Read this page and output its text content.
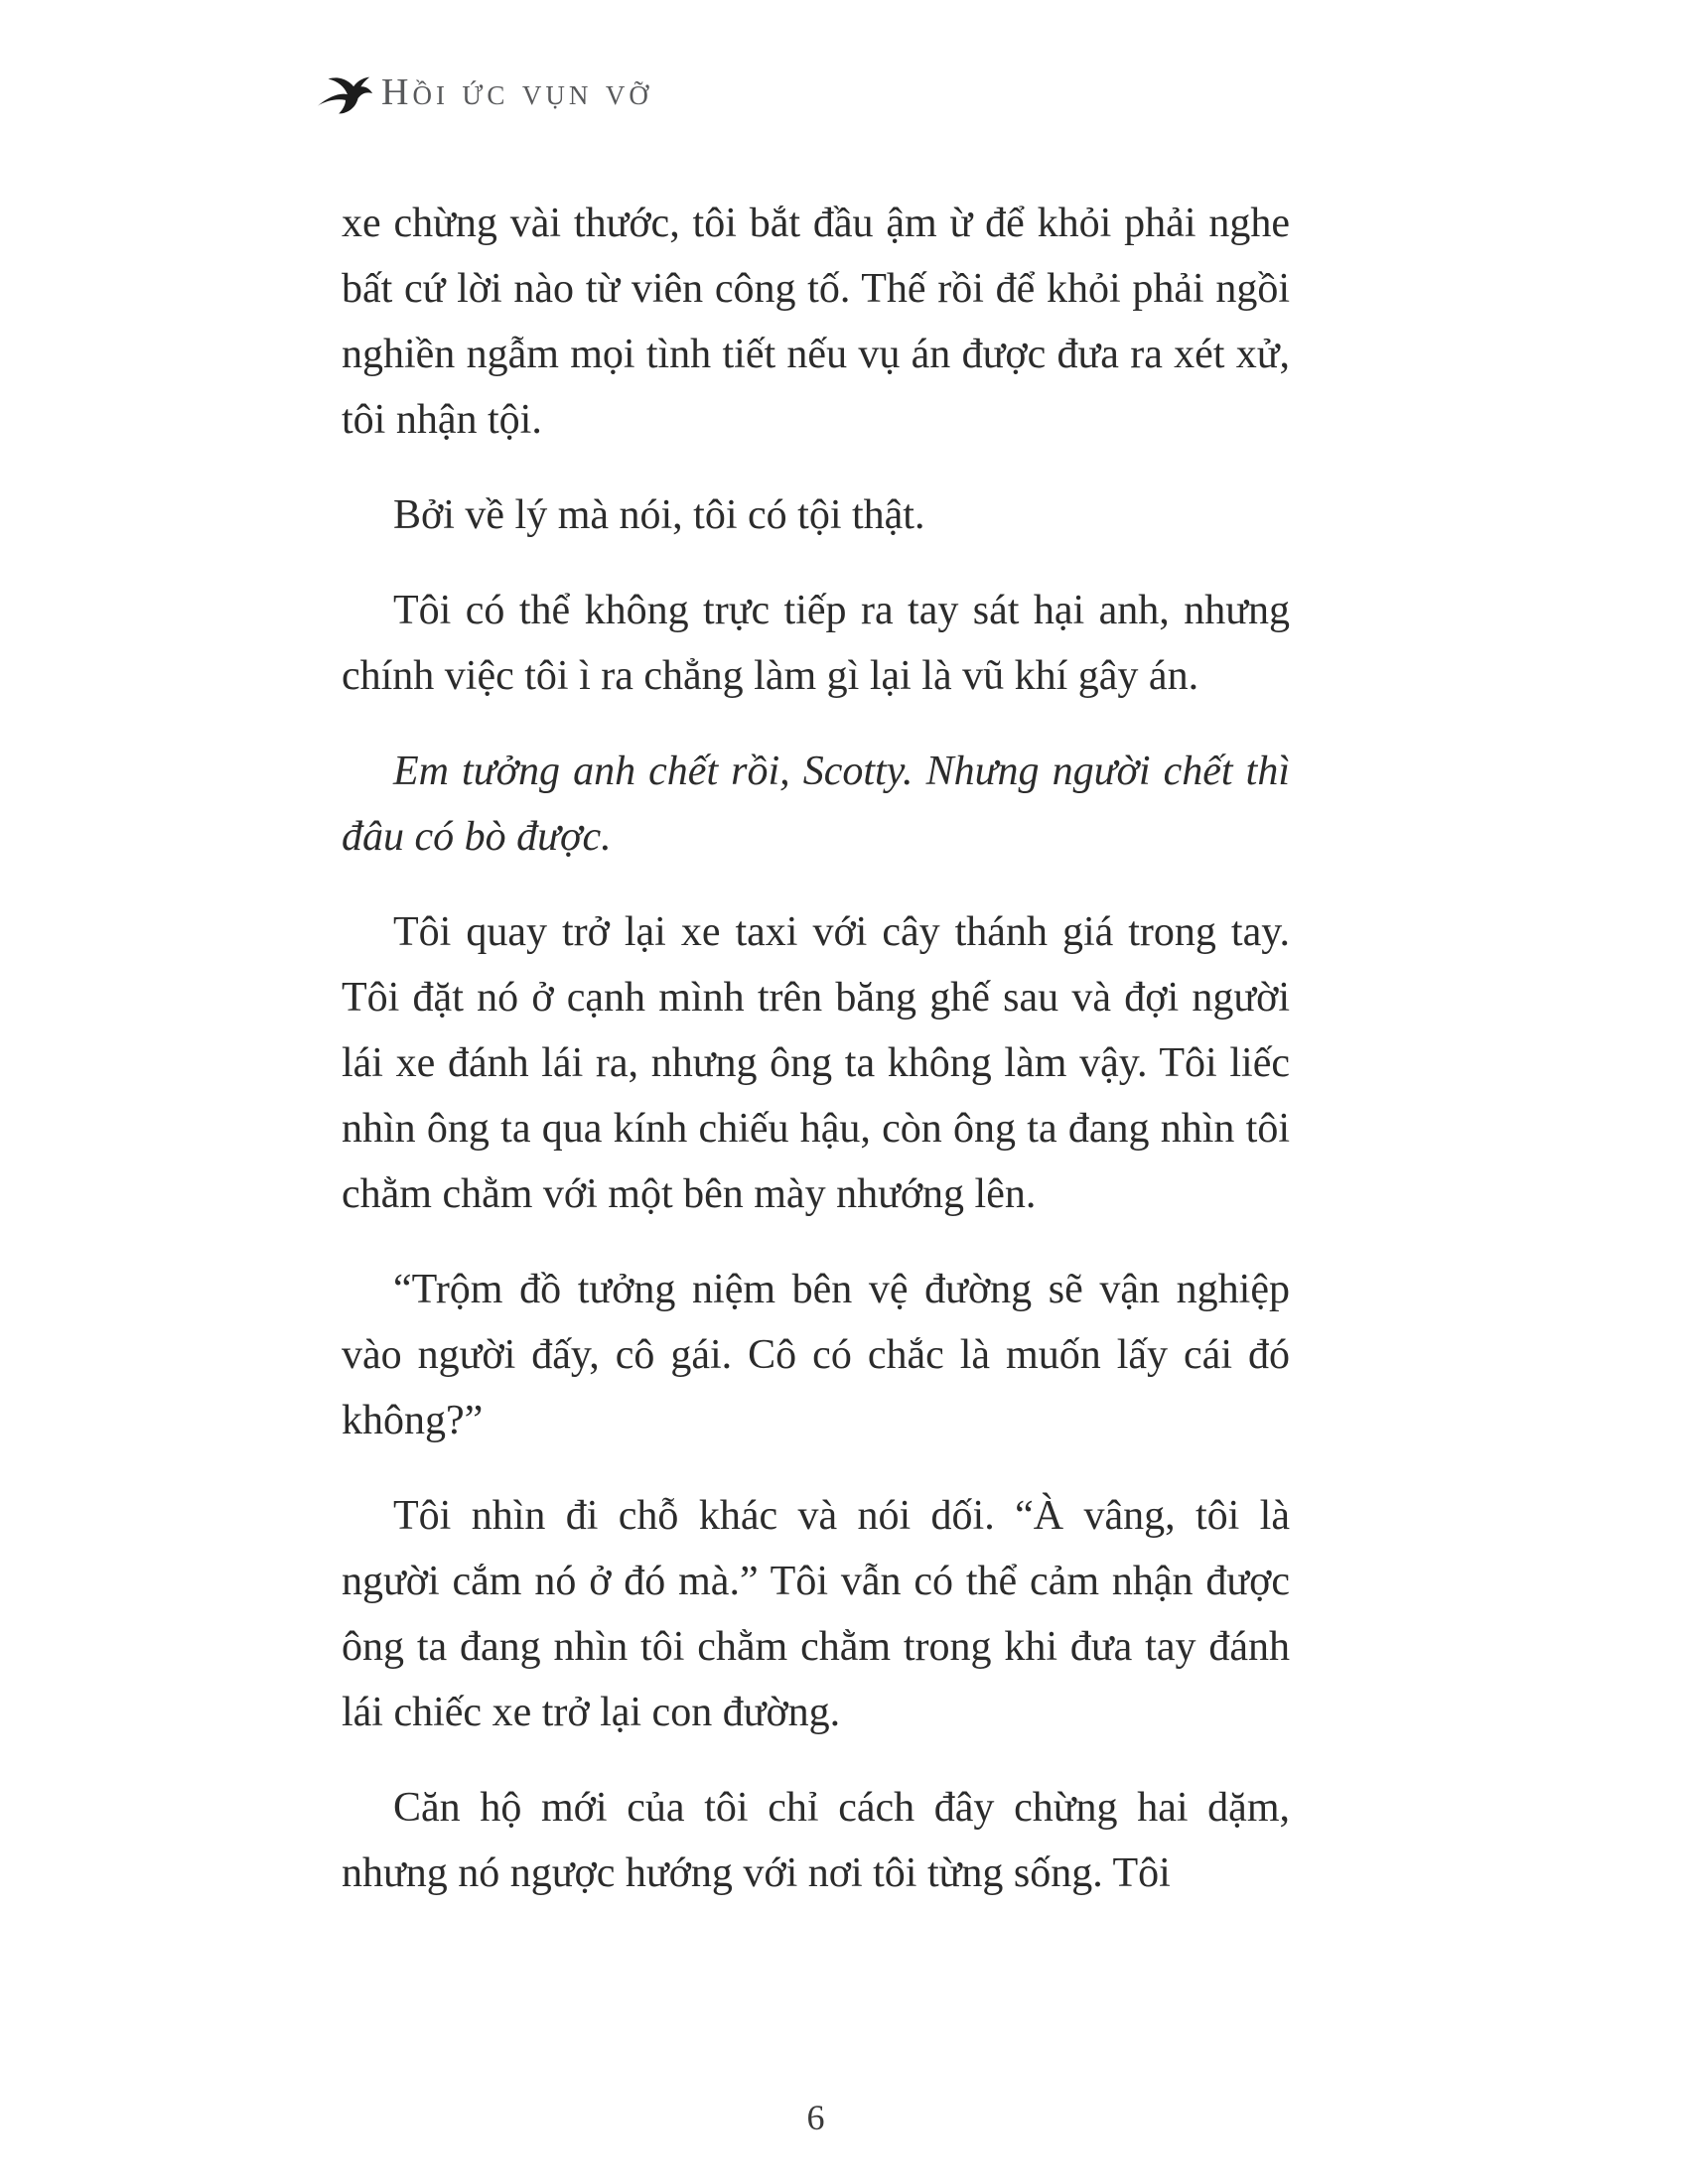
Hồi ức vụn vỡ

xe chừng vài thước, tôi bắt đầu ậm ừ để khỏi phải nghe bất cứ lời nào từ viên công tố. Thế rồi để khỏi phải ngồi nghiền ngẫm mọi tình tiết nếu vụ án được đưa ra xét xử, tôi nhận tội.

Bởi về lý mà nói, tôi có tội thật.

Tôi có thể không trực tiếp ra tay sát hại anh, nhưng chính việc tôi ì ra chẳng làm gì lại là vũ khí gây án.

Em tưởng anh chết rồi, Scotty. Nhưng người chết thì đâu có bò được.

Tôi quay trở lại xe taxi với cây thánh giá trong tay. Tôi đặt nó ở cạnh mình trên băng ghế sau và đợi người lái xe đánh lái ra, nhưng ông ta không làm vậy. Tôi liếc nhìn ông ta qua kính chiếu hậu, còn ông ta đang nhìn tôi chằm chằm với một bên mày nhướng lên.

“Trộm đồ tưởng niệm bên vệ đường sẽ vận nghiệp vào người đấy, cô gái. Cô có chắc là muốn lấy cái đó không?”

Tôi nhìn đi chỗ khác và nói dối. “À vâng, tôi là người cắm nó ở đó mà.” Tôi vẫn có thể cảm nhận được ông ta đang nhìn tôi chằm chằm trong khi đưa tay đánh lái chiếc xe trở lại con đường.

Căn hộ mới của tôi chỉ cách đây chừng hai dặm, nhưng nó ngược hướng với nơi tôi từng sống. Tôi

6
